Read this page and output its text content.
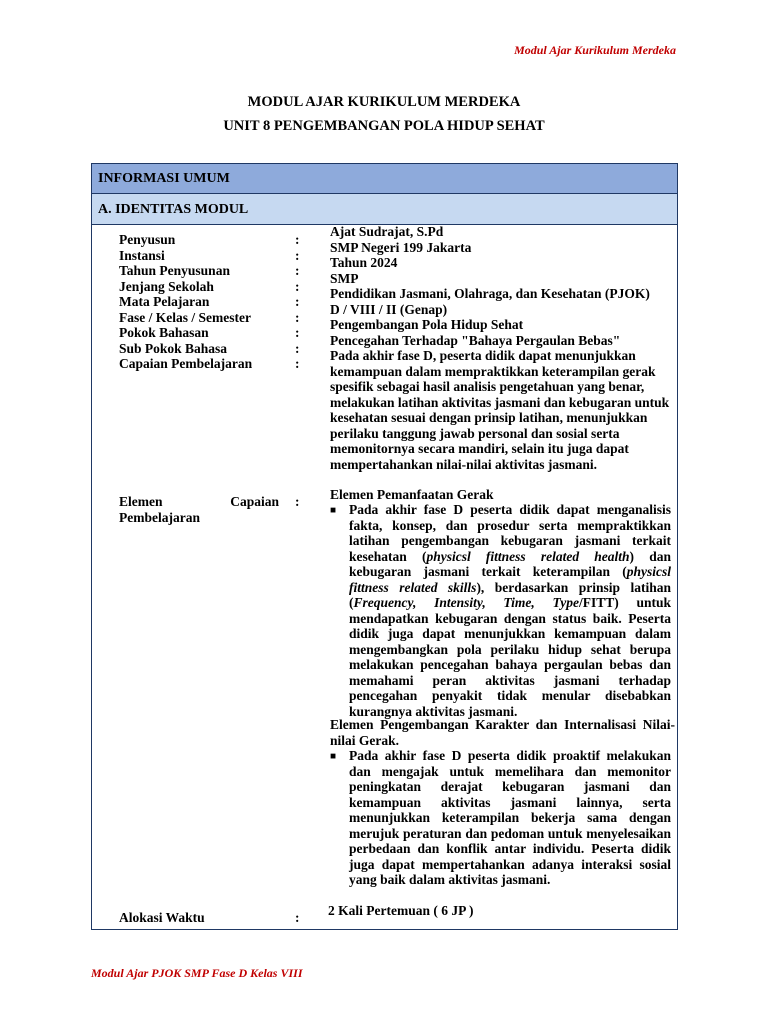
Modul Ajar Kurikulum Merdeka
MODUL AJAR KURIKULUM MERDEKA
UNIT 8 PENGEMBANGAN POLA HIDUP SEHAT
INFORMASI UMUM
A. IDENTITAS MODUL
Penyusun
Instansi
Tahun Penyusunan
Jenjang Sekolah
Mata Pelajaran
Fase / Kelas / Semester
Pokok Bahasan
Sub Pokok Bahasa
Capaian Pembelajaran
Elemen Capaian Pembelajaran
Alokasi Waktu
:
:
:
:
:
:
:
:
:
:
:
Ajat Sudrajat, S.Pd
SMP Negeri 199 Jakarta
Tahun 2024
SMP
Pendidikan Jasmani, Olahraga, dan Kesehatan (PJOK)
D / VIII / II (Genap)
Pengembangan Pola Hidup Sehat
Pencegahan Terhadap "Bahaya Pergaulan Bebas"
Pada akhir fase D, peserta didik dapat menunjukkan kemampuan dalam mempraktikkan keterampilan gerak spesifik sebagai hasil analisis pengetahuan yang benar, melakukan latihan aktivitas jasmani dan kebugaran untuk kesehatan sesuai dengan prinsip latihan, menunjukkan perilaku tanggung jawab personal dan sosial serta memonitornya secara mandiri, selain itu juga dapat mempertahankan nilai-nilai aktivitas jasmani.
Elemen Pemanfaatan Gerak
■ Pada akhir fase D peserta didik dapat menganalisis fakta, konsep, dan prosedur serta mempraktikkan latihan pengembangan kebugaran jasmani terkait kesehatan (physicsl fittness related health) dan kebugaran jasmani terkait keterampilan (physicsl fittness related skills), berdasarkan prinsip latihan (Frequency, Intensity, Time, Type/FITT) untuk mendapatkan kebugaran dengan status baik. Peserta didik juga dapat menunjukkan kemampuan dalam mengembangkan pola perilaku hidup sehat berupa melakukan pencegahan bahaya pergaulan bebas dan memahami peran aktivitas jasmani terhadap pencegahan penyakit tidak menular disebabkan kurangnya aktivitas jasmani.
Elemen Pengembangan Karakter dan Internalisasi Nilai-nilai Gerak.
■ Pada akhir fase D peserta didik proaktif melakukan dan mengajak untuk memelihara dan memonitor peningkatan derajat kebugaran jasmani dan kemampuan aktivitas jasmani lainnya, serta menunjukkan keterampilan bekerja sama dengan merujuk peraturan dan pedoman untuk menyelesaikan perbedaan dan konflik antar individu. Peserta didik juga dapat mempertahankan adanya interaksi sosial yang baik dalam aktivitas jasmani.
2 Kali Pertemuan ( 6 JP )
Modul Ajar PJOK SMP Fase D Kelas VIII
